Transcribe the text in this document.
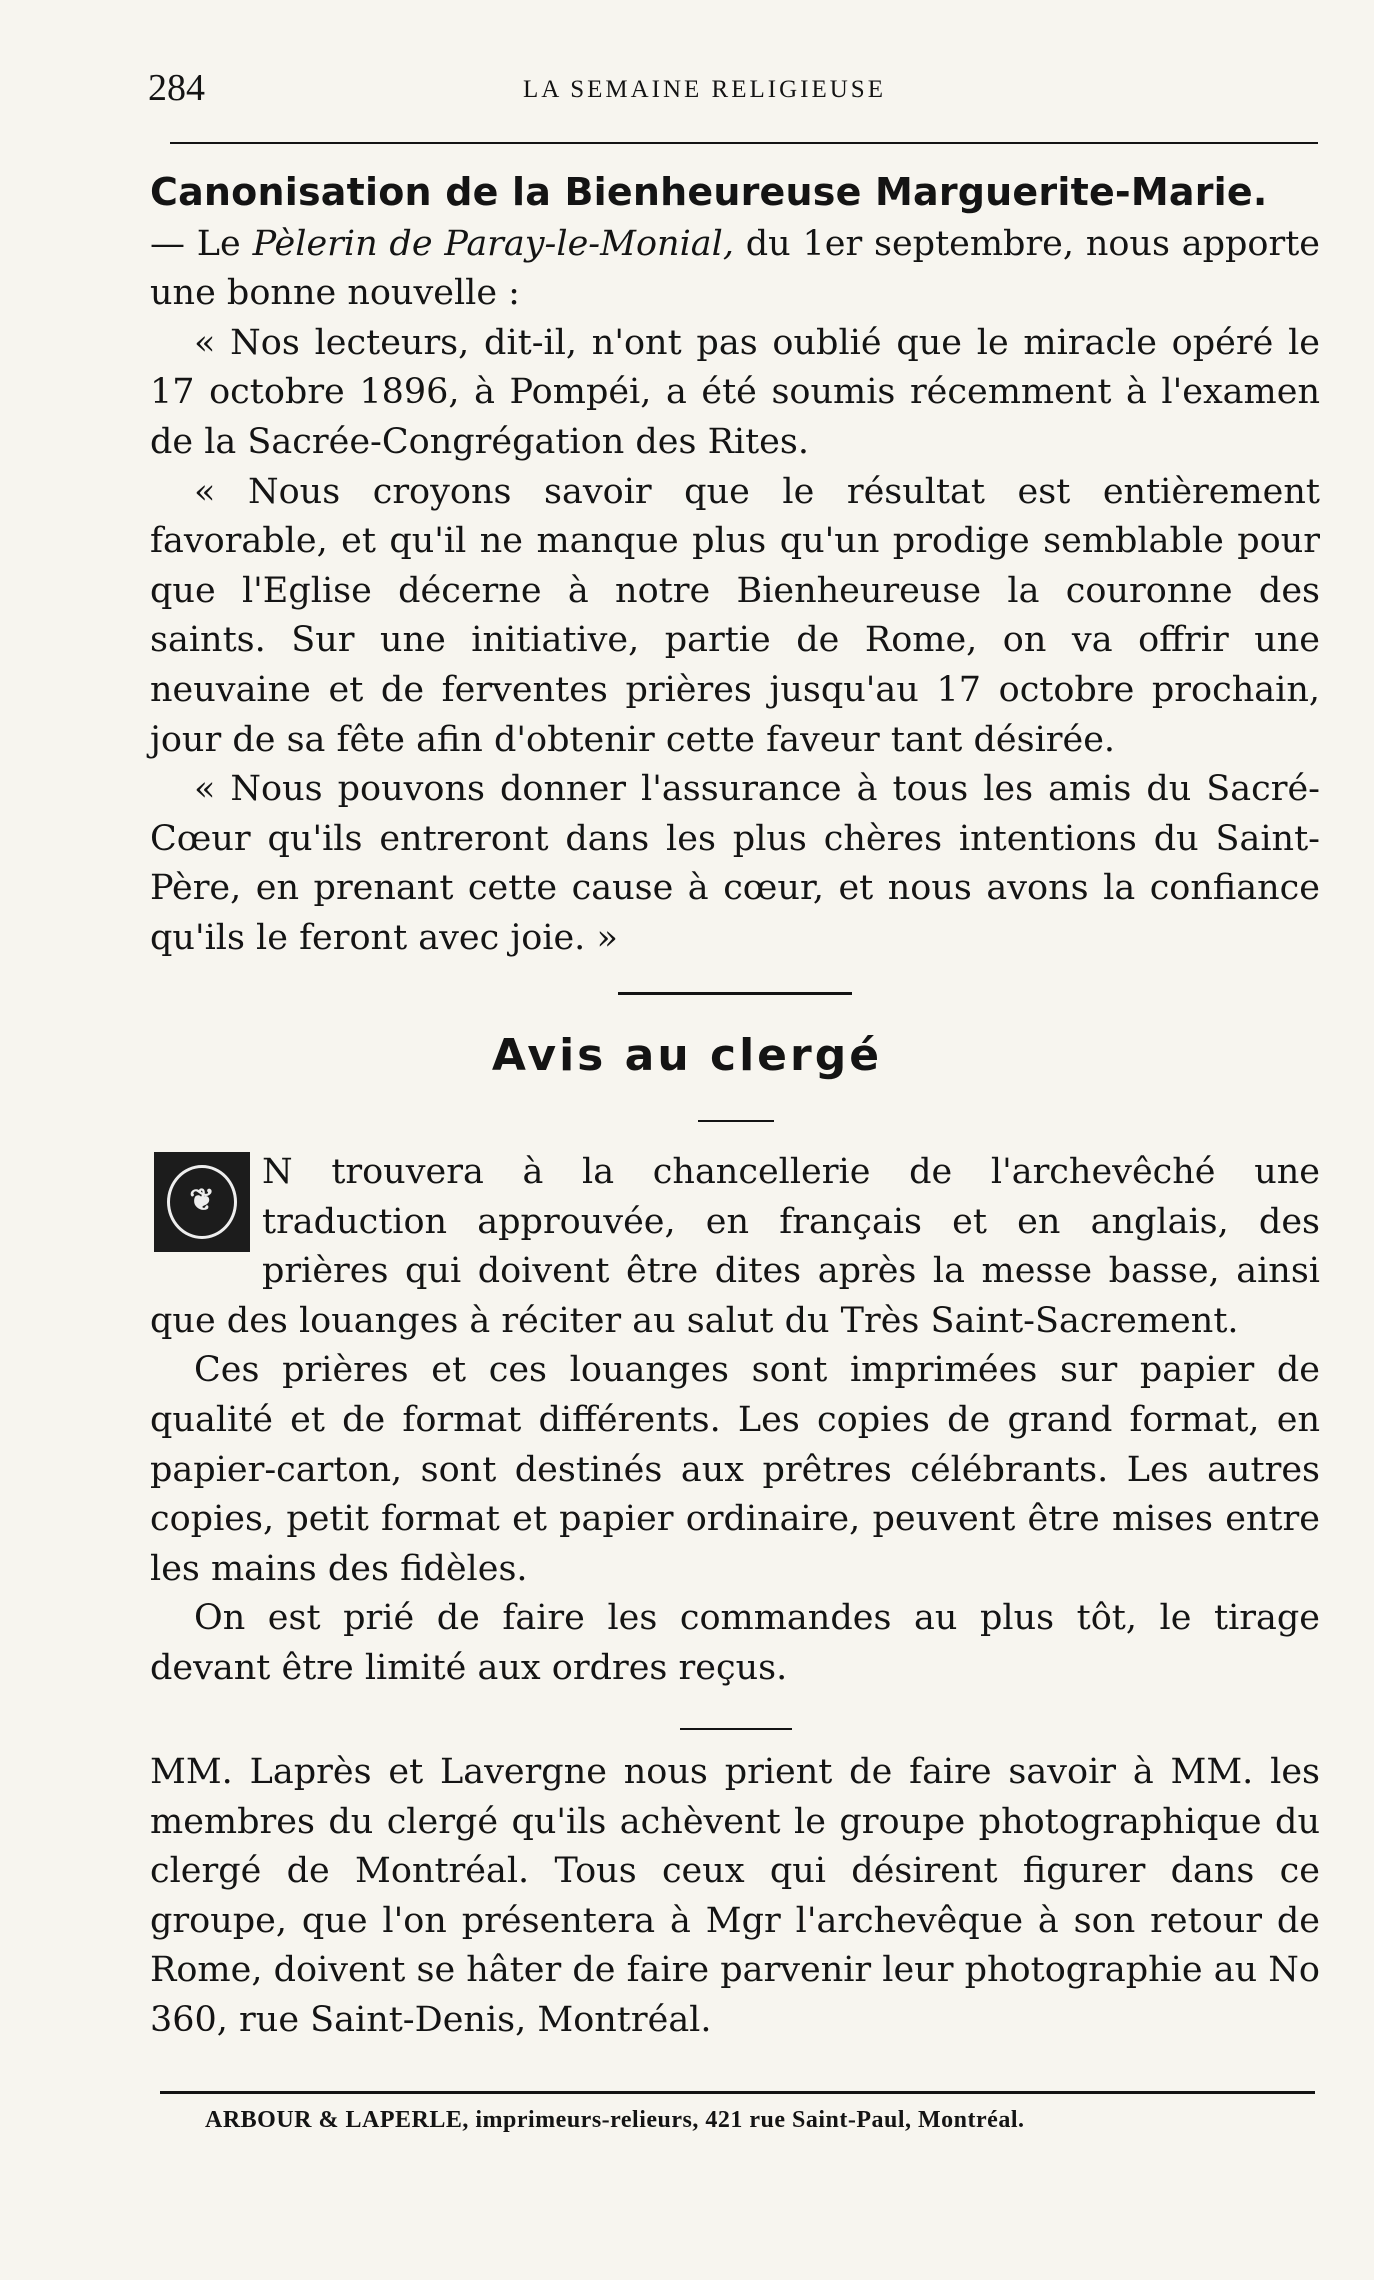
284	LA SEMAINE RELIGIEUSE

Canonisation de la Bienheureuse Marguerite-Marie.
— Le Pèlerin de Paray-le-Monial, du 1er septembre, nous apporte une bonne nouvelle :

« Nos lecteurs, dit-il, n'ont pas oublié que le miracle opéré le 17 octobre 1896, à Pompéi, a été soumis récemment à l'examen de la Sacrée-Congrégation des Rites.

« Nous croyons savoir que le résultat est entièrement favorable, et qu'il ne manque plus qu'un prodige semblable pour que l'Eglise décerne à notre Bienheureuse la couronne des saints. Sur une initiative, partie de Rome, on va offrir une neuvaine et de ferventes prières jusqu'au 17 octobre prochain, jour de sa fête afin d'obtenir cette faveur tant désirée.

« Nous pouvons donner l'assurance à tous les amis du Sacré-Cœur qu'ils entreront dans les plus chères intentions du Saint-Père, en prenant cette cause à cœur, et nous avons la confiance qu'ils le feront avec joie. »

Avis au clergé
❦

N trouvera à la chancellerie de l'archevêché une traduction approuvée, en français et en anglais, des prières qui doivent être dites après la messe basse, ainsi que des louanges à réciter au salut du Très Saint-Sacrement.

Ces prières et ces louanges sont imprimées sur papier de qualité et de format différents. Les copies de grand format, en papier-carton, sont destinés aux prêtres célébrants. Les autres copies, petit format et papier ordinaire, peuvent être mises entre les mains des fidèles.

On est prié de faire les commandes au plus tôt, le tirage devant être limité aux ordres reçus.

MM. Laprès et Lavergne nous prient de faire savoir à MM. les membres du clergé qu'ils achèvent le groupe photographique du clergé de Montréal. Tous ceux qui désirent figurer dans ce groupe, que l'on présentera à Mgr l'archevêque à son retour de Rome, doivent se hâter de faire parvenir leur photographie au No 360, rue Saint-Denis, Montréal.

ARBOUR & LAPERLE, imprimeurs-relieurs, 421 rue Saint-Paul, Montréal.
